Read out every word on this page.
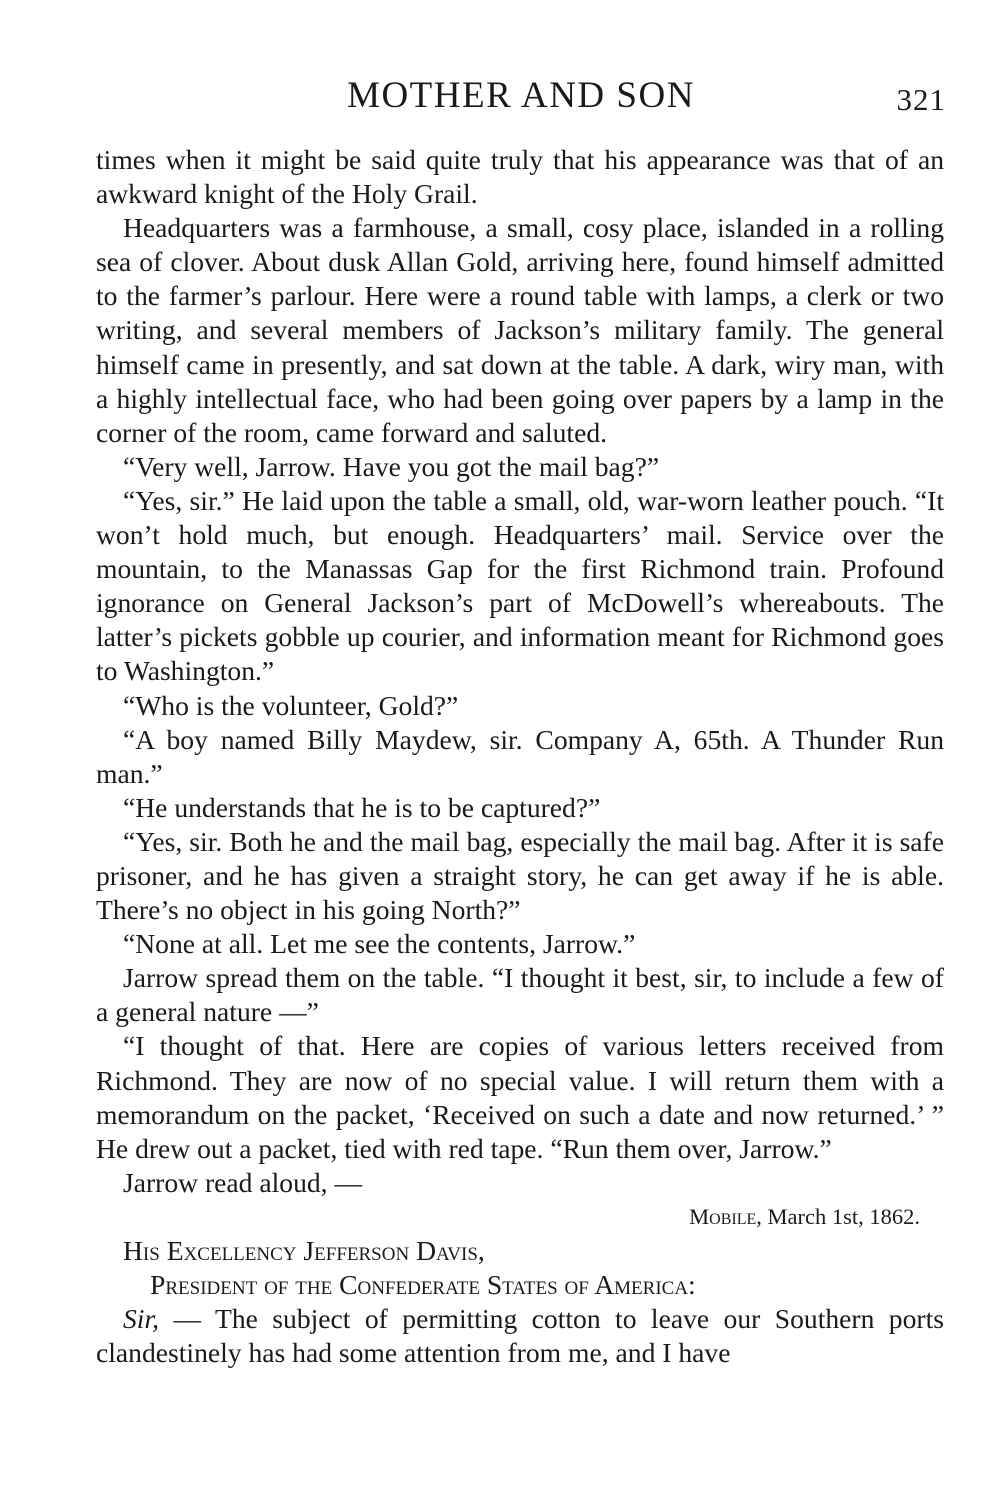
MOTHER AND SON	321

times when it might be said quite truly that his appearance was that of an awkward knight of the Holy Grail.

Headquarters was a farmhouse, a small, cosy place, islanded in a rolling sea of clover. About dusk Allan Gold, arriving here, found himself admitted to the farmer’s parlour. Here were a round table with lamps, a clerk or two writing, and several members of Jackson’s military family. The general himself came in presently, and sat down at the table. A dark, wiry man, with a highly intellectual face, who had been going over papers by a lamp in the corner of the room, came forward and saluted.

“Very well, Jarrow. Have you got the mail bag?”

“Yes, sir.” He laid upon the table a small, old, war-worn leather pouch. “It won’t hold much, but enough. Headquarters’ mail. Service over the mountain, to the Manassas Gap for the first Richmond train. Profound ignorance on General Jackson’s part of McDowell’s whereabouts. The latter’s pickets gobble up courier, and information meant for Richmond goes to Washington.”

“Who is the volunteer, Gold?”

“A boy named Billy Maydew, sir. Company A, 65th. A Thunder Run man.”

“He understands that he is to be captured?”

“Yes, sir. Both he and the mail bag, especially the mail bag. After it is safe prisoner, and he has given a straight story, he can get away if he is able. There’s no object in his going North?”

“None at all. Let me see the contents, Jarrow.”

Jarrow spread them on the table. “I thought it best, sir, to include a few of a general nature —”

“I thought of that. Here are copies of various letters received from Richmond. They are now of no special value. I will return them with a memorandum on the packet, ‘Received on such a date and now returned.’ ” He drew out a packet, tied with red tape. “Run them over, Jarrow.”

Jarrow read aloud, —

Mobile, March 1st, 1862.

His Excellency Jefferson Davis,

President of the Confederate States of America:

Sir, — The subject of permitting cotton to leave our Southern ports clandestinely has had some attention from me, and I have
